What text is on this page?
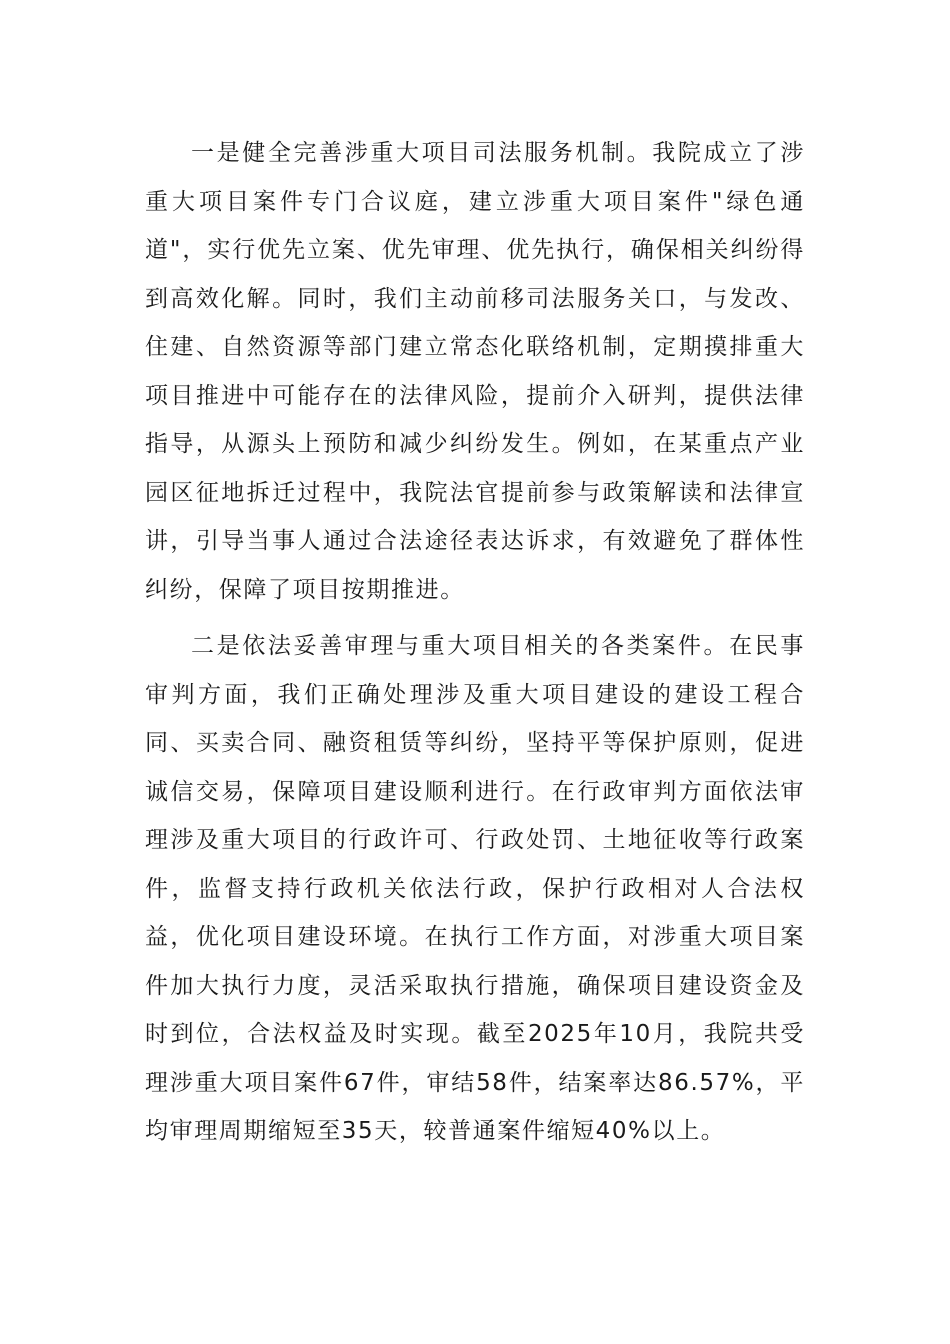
一是健全完善涉重大项目司法服务机制。我院成立了涉重大项目案件专门合议庭，建立涉重大项目案件"绿色通道"，实行优先立案、优先审理、优先执行，确保相关纠纷得到高效化解。同时，我们主动前移司法服务关口，与发改、住建、自然资源等部门建立常态化联络机制，定期摸排重大项目推进中可能存在的法律风险，提前介入研判，提供法律指导，从源头上预防和减少纠纷发生。例如，在某重点产业园区征地拆迁过程中，我院法官提前参与政策解读和法律宣讲，引导当事人通过合法途径表达诉求，有效避免了群体性纠纷，保障了项目按期推进。

二是依法妥善审理与重大项目相关的各类案件。在民事审判方面，我们正确处理涉及重大项目建设的建设工程合同、买卖合同、融资租赁等纠纷，坚持平等保护原则，促进诚信交易，保障项目建设顺利进行。在行政审判方面依法审理涉及重大项目的行政许可、行政处罚、土地征收等行政案件，监督支持行政机关依法行政，保护行政相对人合法权益，优化项目建设环境。在执行工作方面，对涉重大项目案件加大执行力度，灵活采取执行措施，确保项目建设资金及时到位，合法权益及时实现。截至2025年10月，我院共受理涉重大项目案件67件，审结58件，结案率达86.57%，平均审理周期缩短至35天，较普通案件缩短40%以上。
